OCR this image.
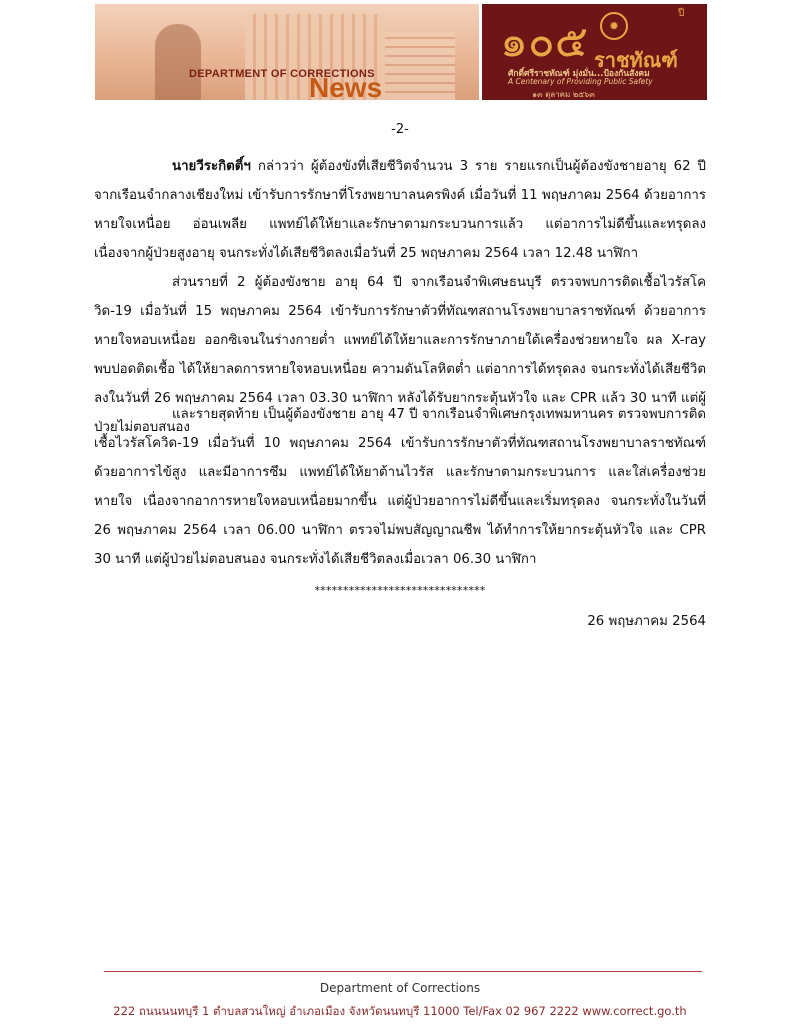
DEPARTMENT OF CORRECTIONS
News
๑๐๕	✹
ปี
ราชทัณฑ์
ศักดิ์ศรีราชทัณฑ์ มุ่งมั่น...ป้องกันสังคม
A Centenary of Providing Public Safety
๑๓ ตุลาคม ๒๕๖๓
-2-

นายวีระกิตติ์ฯ กล่าวว่า ผู้ต้องขังที่เสียชีวิตจำนวน 3 ราย รายแรกเป็นผู้ต้องขังชายอายุ 62 ปี จากเรือนจำกลางเชียงใหม่ เข้ารับการรักษาที่โรงพยาบาลนครพิงค์ เมื่อวันที่ 11 พฤษภาคม 2564 ด้วยอาการหายใจเหนื่อย อ่อนเพลีย แพทย์ได้ให้ยาและรักษาตามกระบวนการแล้ว แต่อาการไม่ดีขึ้นและทรุดลง เนื่องจากผู้ป่วยสูงอายุ จนกระทั่งได้เสียชีวิตลงเมื่อวันที่ 25 พฤษภาคม 2564 เวลา 12.48 นาฬิกา

ส่วนรายที่ 2 ผู้ต้องขังชาย อายุ 64 ปี จากเรือนจำพิเศษธนบุรี ตรวจพบการติดเชื้อไวรัสโควิด-19 เมื่อวันที่ 15 พฤษภาคม 2564 เข้ารับการรักษาตัวที่ทัณฑสถานโรงพยาบาลราชทัณฑ์ ด้วยอาการหายใจหอบเหนื่อย ออกซิเจนในร่างกายต่ำ แพทย์ได้ให้ยาและการรักษาภายใต้เครื่องช่วยหายใจ ผล X-ray พบปอดติดเชื้อ ได้ให้ยาลดการหายใจหอบเหนื่อย ความดันโลหิตต่ำ แต่อาการได้ทรุดลง จนกระทั่งได้เสียชีวิตลงในวันที่ 26 พฤษภาคม 2564 เวลา 03.30 นาฬิกา หลังได้รับยากระตุ้นหัวใจ และ CPR แล้ว 30 นาที แต่ผู้ป่วยไม่ตอบสนอง

และรายสุดท้าย เป็นผู้ต้องขังชาย อายุ 47 ปี จากเรือนจำพิเศษกรุงเทพมหานคร ตรวจพบการติดเชื้อไวรัสโควิด-19 เมื่อวันที่ 10 พฤษภาคม 2564 เข้ารับการรักษาตัวที่ทัณฑสถานโรงพยาบาลราชทัณฑ์ ด้วยอาการไข้สูง และมีอาการซึม แพทย์ได้ให้ยาต้านไวรัส และรักษาตามกระบวนการ และใส่เครื่องช่วยหายใจ เนื่องจากอาการหายใจหอบเหนื่อยมากขึ้น แต่ผู้ป่วยอาการไม่ดีขึ้นและเริ่มทรุดลง จนกระทั่งในวันที่ 26 พฤษภาคม 2564 เวลา 06.00 นาฬิกา ตรวจไม่พบสัญญาณชีพ ได้ทำการให้ยากระตุ้นหัวใจ และ CPR 30 นาที แต่ผู้ป่วยไม่ตอบสนอง จนกระทั่งได้เสียชีวิตลงเมื่อเวลา 06.30 นาฬิกา

******************************
26 พฤษภาคม 2564
Department of Corrections
222 ถนนนนทบุรี 1 ตำบลสวนใหญ่ อำเภอเมือง จังหวัดนนทบุรี 11000 Tel/Fax 02 967 2222 www.correct.go.th
